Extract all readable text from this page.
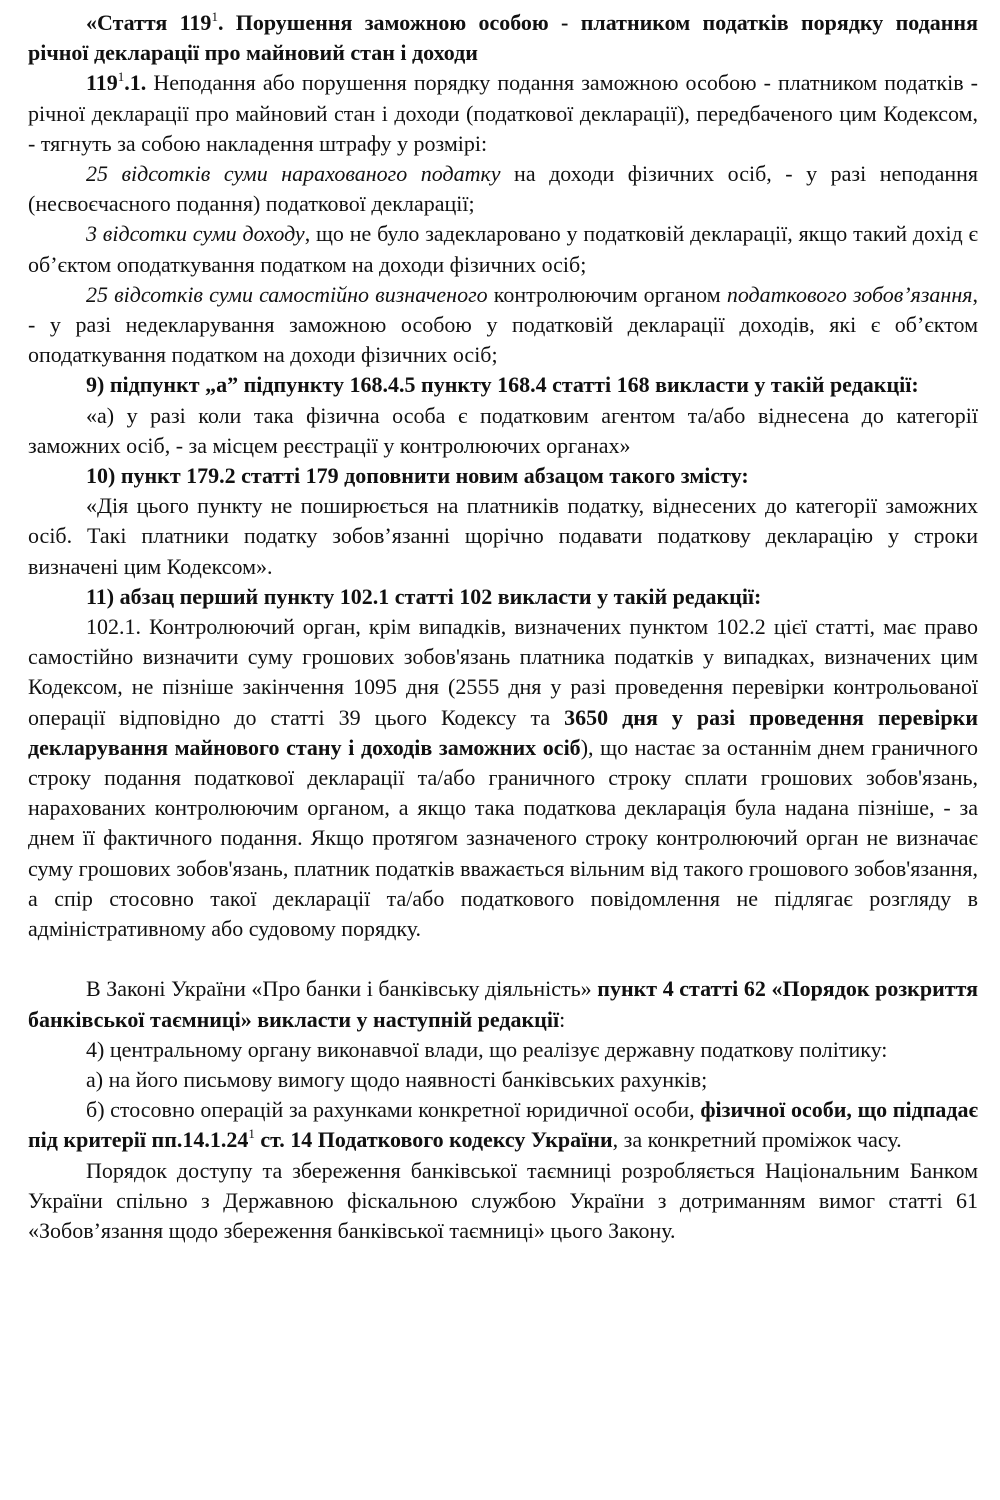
«Стаття $119^1$. Порушення заможною особою - платником податків порядку подання річної декларації про майновий стан і доходи

$119^1.1$. Неподання або порушення порядку подання заможною особою - платником податків - річної декларації про майновий стан і доходи (податкової декларації), передбаченого цим Кодексом, - тягнуть за собою накладення штрафу у розмірі:

25 відсотків суми нарахованого податку на доходи фізичних осіб, - у разі неподання (несвоєчасного подання) податкової декларації;

3 відсотки суми доходу, що не було задекларовано у податковій декларації, якщо такий дохід є об’єктом оподаткування податком на доходи фізичних осіб;

25 відсотків суми самостійно визначеного контролюючим органом податкового зобов’язання, - у разі недекларування заможною особою у податковій декларації доходів, які є об’єктом оподаткування податком на доходи фізичних осіб;

9) підпункт „а” підпункту 168.4.5 пункту 168.4 статті 168 викласти у такій редакції:

«а) у разі коли така фізична особа є податковим агентом та/або віднесена до категорії заможних осіб, - за місцем реєстрації у контролюючих органах»

10) пункт 179.2 статті 179 доповнити новим абзацом такого змісту:

«Дія цього пункту не поширюється на платників податку, віднесених до категорії заможних осіб. Такі платники податку зобов’язанні щорічно подавати податкову декларацію у строки визначені цим Кодексом».

11) абзац перший пункту 102.1 статті 102 викласти у такій редакції:

102.1. Контролюючий орган, крім випадків, визначених пунктом 102.2 цієї статті, має право самостійно визначити суму грошових зобов'язань платника податків у випадках, визначених цим Кодексом, не пізніше закінчення 1095 дня (2555 дня у разі проведення перевірки контрольованої операції відповідно до статті 39 цього Кодексу та 3650 дня у разі проведення перевірки декларування майнового стану і доходів заможних осіб), що настає за останнім днем граничного строку подання податкової декларації та/або граничного строку сплати грошових зобов'язань, нарахованих контролюючим органом, а якщо така податкова декларація була надана пізніше, - за днем її фактичного подання. Якщо протягом зазначеного строку контролюючий орган не визначає суму грошових зобов'язань, платник податків вважається вільним від такого грошового зобов'язання, а спір стосовно такої декларації та/або податкового повідомлення не підлягає розгляду в адміністративному або судовому порядку.

В Законі України «Про банки і банківську діяльність» пункт 4 статті 62 «Порядок розкриття банківської таємниці» викласти у наступній редакції:

4) центральному органу виконавчої влади, що реалізує державну податкову політику:

а) на його письмову вимогу щодо наявності банківських рахунків;

б) стосовно операцій за рахунками конкретної юридичної особи, фізичної особи, що підпадає під критерії пп.14.1.24$^1$ ст. 14 Податкового кодексу України, за конкретний проміжок часу.

Порядок доступу та збереження банківської таємниці розробляється Національним Банком України спільно з Державною фіскальною службою України з дотриманням вимог статті 61 «Зобов’язання щодо збереження банківської таємниці» цього Закону.
